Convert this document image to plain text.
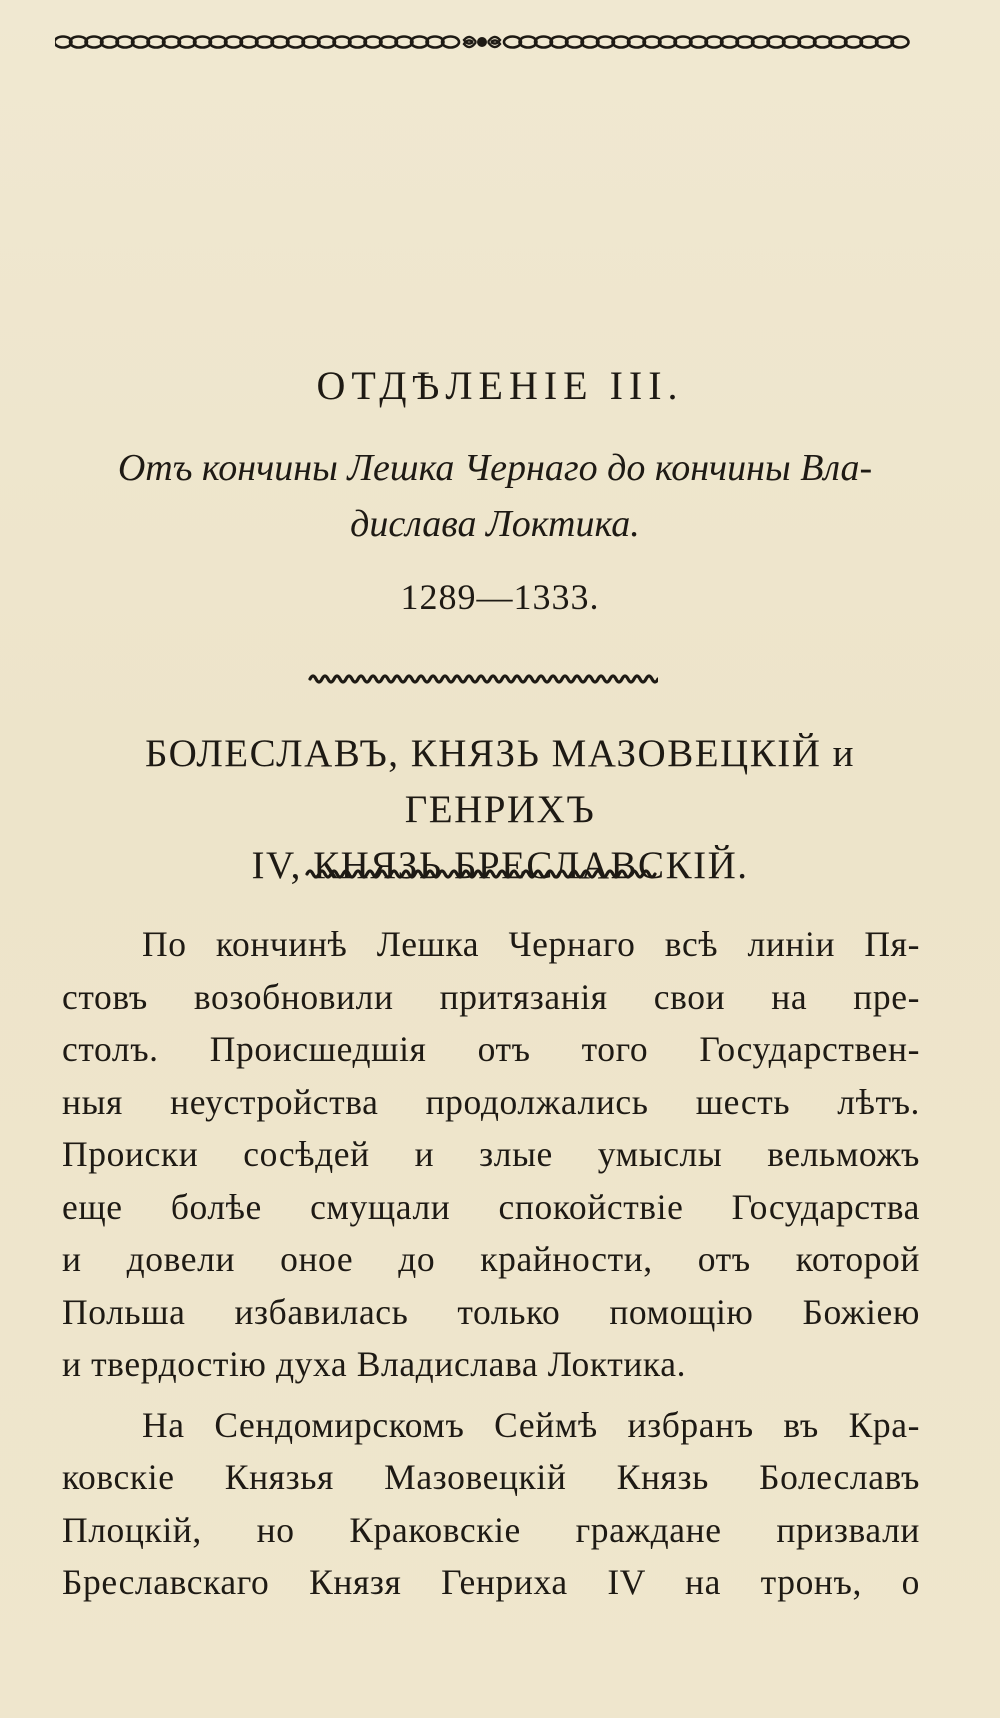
ОТДѢЛЕНIЕ III.
Отъ кончины Лешка Чернаго до кончины Вла-
дислава Локтика.
1289—1333.
БОЛЕСЛАВЪ, КНЯЗЬ МАЗОВЕЦКIЙ и ГЕНРИХЪ
IV, КНЯЗЬ БРЕСЛАВСКIЙ.

По кончинѣ Лешка Чернаго всѣ линiи Пя-

стовъ возобновили притязанiя свои на пре-

столъ. Происшедшiя отъ того Государствен-

ныя неустройства продолжались шесть лѣтъ.

Происки сосѣдей и злые умыслы вельможъ

еще болѣе смущали спокойствiе Государства

и довели оное до крайности, отъ которой

Польша избавилась только помощiю Божiею

и твердостiю духа Владислава Локтика.

На Сендомирскомъ Сеймѣ избранъ въ Кра-

ковскiе Князья Мазовецкiй Князь Болеславъ

Плоцкiй, но Краковскiе граждане призвали

Бреславскаго Князя Генриха IV на тронъ, о
